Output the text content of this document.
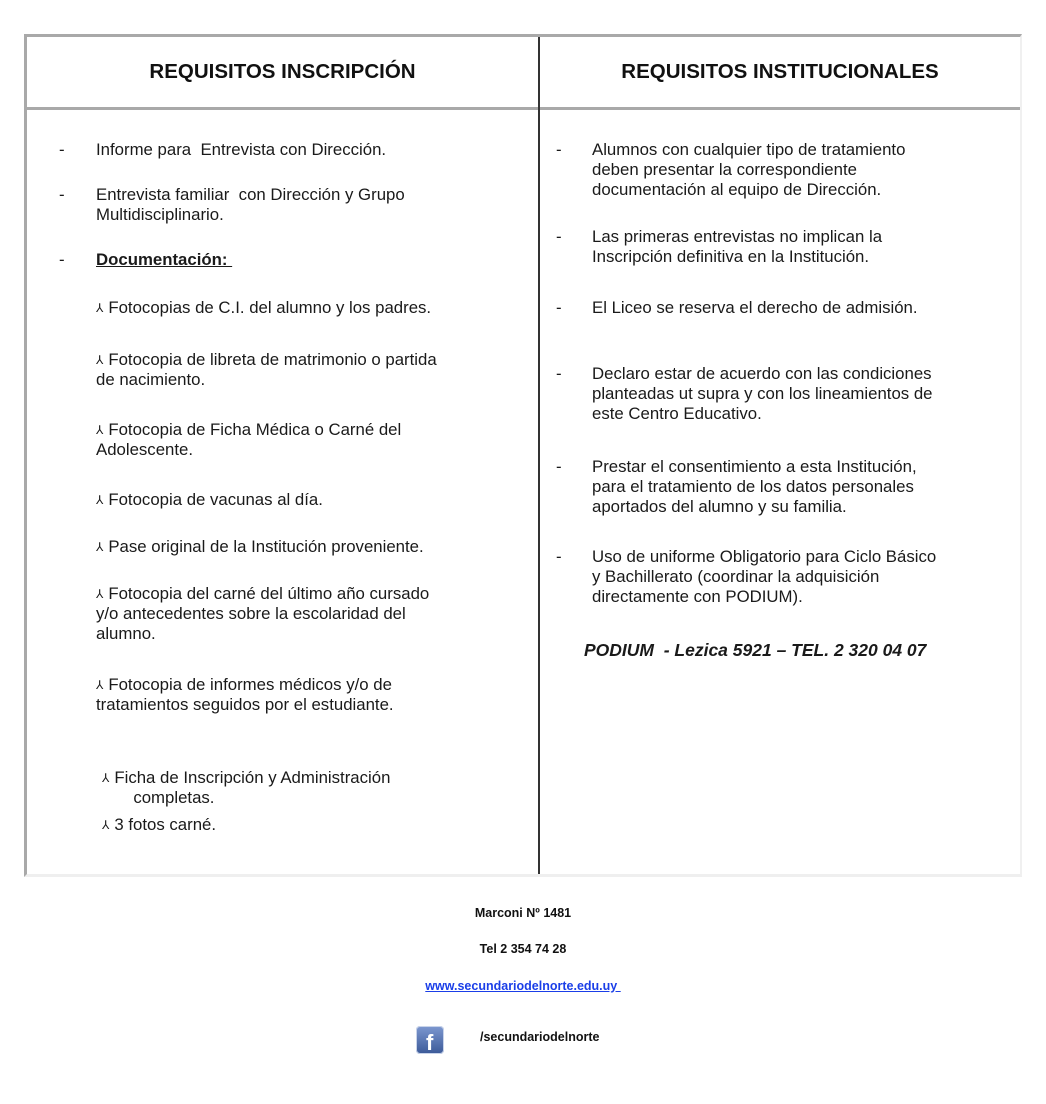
REQUISITOS INSCRIPCIÓN	REQUISITOS INSTITUCIONALES
- Informe para  Entrevista con Dirección.
- Entrevista familiar  con Dirección y Grupo
Multidisciplinario.
- Documentación:
⅄ Fotocopias de C.I. del alumno y los padres.
⅄ Fotocopia de libreta de matrimonio o partida
de nacimiento.
⅄ Fotocopia de Ficha Médica o Carné del
Adolescente.
⅄ Fotocopia de vacunas al día.
⅄ Pase original de la Institución proveniente.
⅄ Fotocopia del carné del último año cursado
y/o antecedentes sobre la escolaridad del
alumno.
⅄ Fotocopia de informes médicos y/o de
tratamientos seguidos por el estudiante.
⅄ Ficha de Inscripción y Administración
completas.
⅄ 3 fotos carné.
- Alumnos con cualquier tipo de tratamiento
deben presentar la correspondiente
documentación al equipo de Dirección.
- Las primeras entrevistas no implican la
Inscripción definitiva en la Institución.
- El Liceo se reserva el derecho de admisión.
- Declaro estar de acuerdo con las condiciones
planteadas ut supra y con los lineamientos de
este Centro Educativo.
- Prestar el consentimiento a esta Institución,
para el tratamiento de los datos personales
aportados del alumno y su familia.
- Uso de uniforme Obligatorio para Ciclo Básico
y Bachillerato (coordinar la adquisición
directamente con PODIUM).
PODIUM  - Lezica 5921 – TEL. 2 320 04 07
Marconi Nº 1481
Tel 2 354 74 28
www.secundariodelnorte.edu.uy
f	/secundariodelnorte
